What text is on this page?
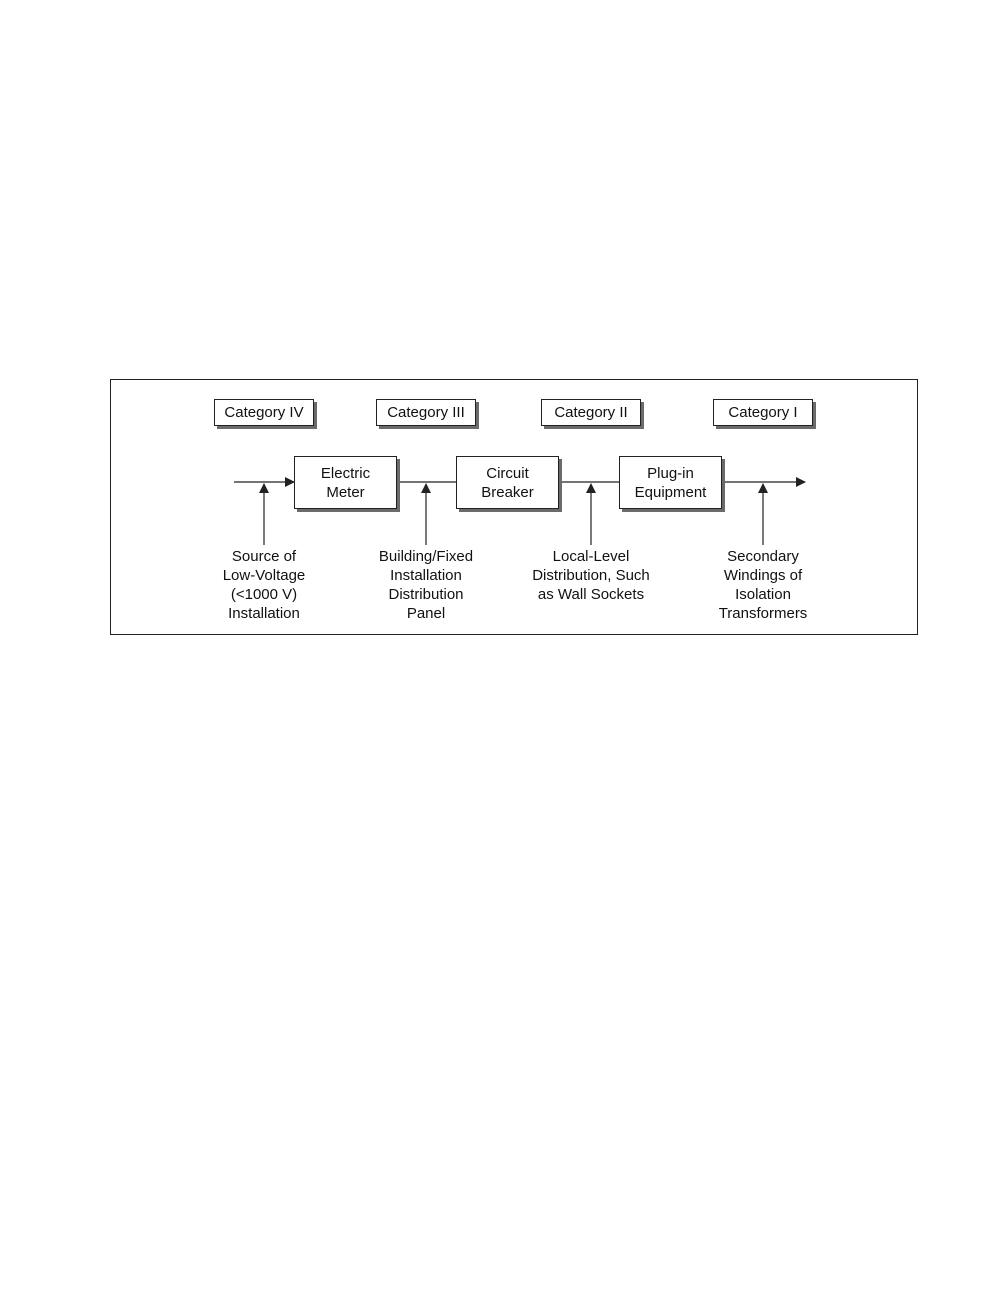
Category IV	Category III	Category II	Category I
Electric
Meter
Circuit
Breaker
Plug-in
Equipment
Source of
Low-Voltage
(<1000 V)
Installation
Building/Fixed
Installation
Distribution
Panel
Local-Level
Distribution, Such
as Wall Sockets
Secondary
Windings of
Isolation
Transformers
